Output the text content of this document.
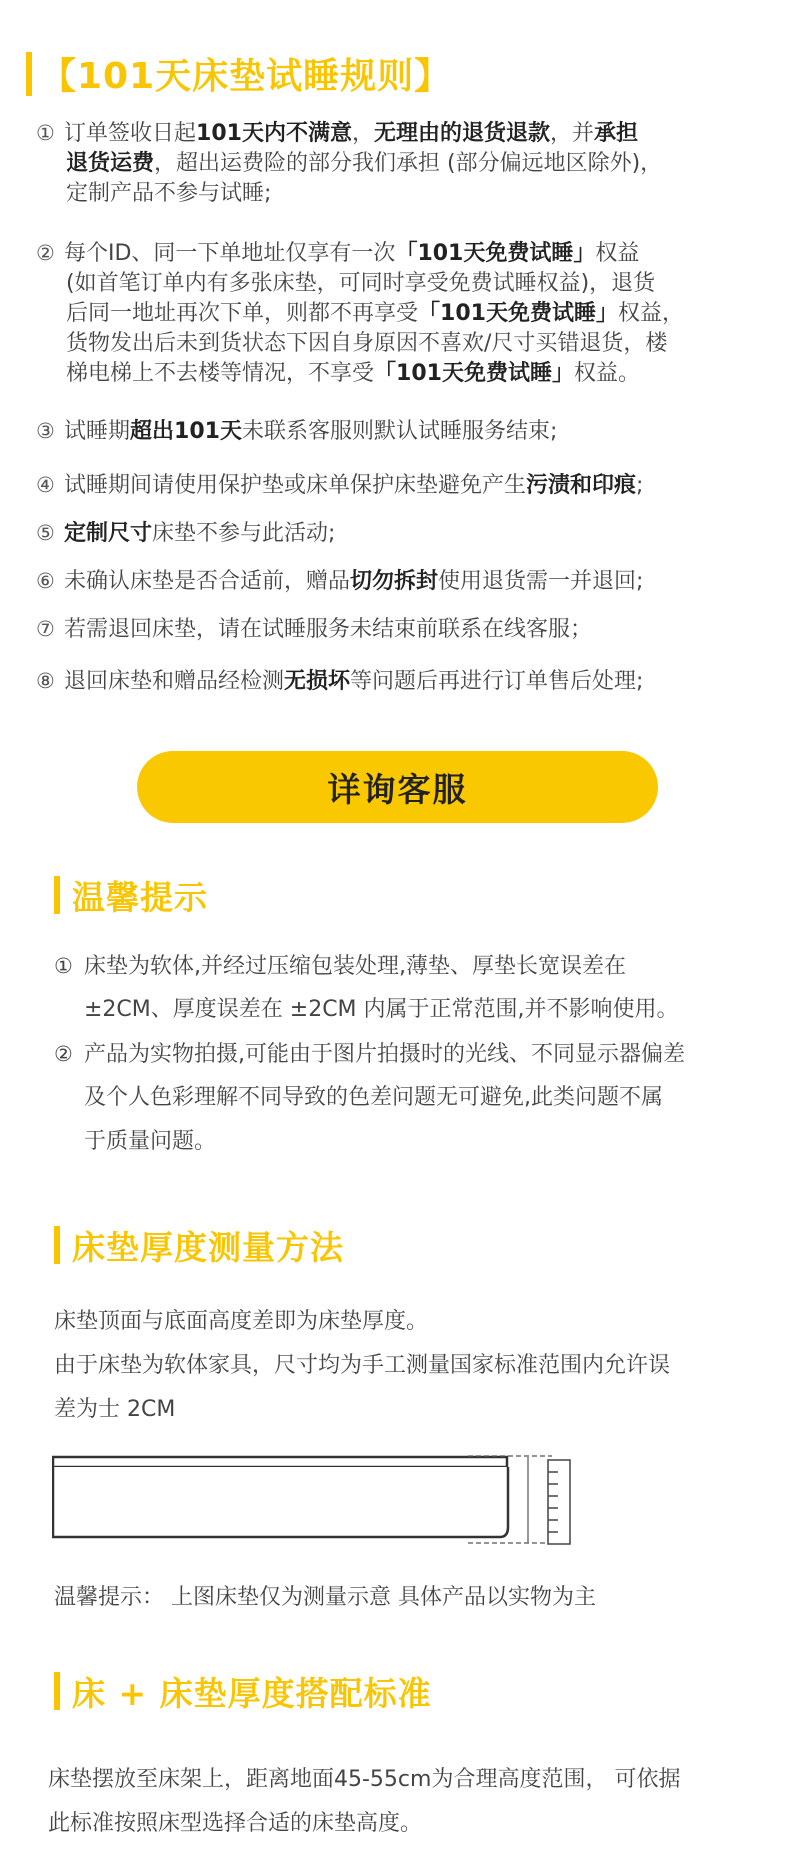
【101天床垫试睡规则】
① 订单签收日起101天内不满意，无理由的退货退款，并承担
退货运费，超出运费险的部分我们承担 (部分偏远地区除外)，
定制产品不参与试睡;
② 每个ID、同一下单地址仅享有一次「101天免费试睡」权益
(如首笔订单内有多张床垫，可同时享受免费试睡权益)，退货
后同一地址再次下单，则都不再享受「101天免费试睡」权益，
货物发出后未到货状态下因自身原因不喜欢/尺寸买错退货，楼
梯电梯上不去楼等情况，不享受「101天免费试睡」权益。
③ 试睡期超出101天未联系客服则默认试睡服务结束;
④ 试睡期间请使用保护垫或床单保护床垫避免产生污渍和印痕;
⑤ 定制尺寸床垫不参与此活动;
⑥ 未确认床垫是否合适前，赠品切勿拆封使用退货需一并退回;
⑦ 若需退回床垫，请在试睡服务未结束前联系在线客服；
⑧ 退回床垫和赠品经检测无损坏等问题后再进行订单售后处理;
详询客服
温馨提示
① 床垫为软体,并经过压缩包装处理,薄垫、厚垫长宽误差在
±2CM、厚度误差在 ±2CM 内属于正常范围,并不影响使用。
② 产品为实物拍摄,可能由于图片拍摄时的光线、不同显示器偏差
及个人色彩理解不同导致的色差问题无可避免,此类问题不属
于质量问题。
床垫厚度测量方法
床垫顶面与底面高度差即为床垫厚度。
由于床垫为软体家具，尺寸均为手工测量国家标准范围内允许误
差为士 2CM
温馨提示： 上图床垫仅为测量示意 具体产品以实物为主
床 + 床垫厚度搭配标准
床垫摆放至床架上，距离地面45-55cm为合理高度范围， 可依据
此标准按照床型选择合适的床垫高度。
